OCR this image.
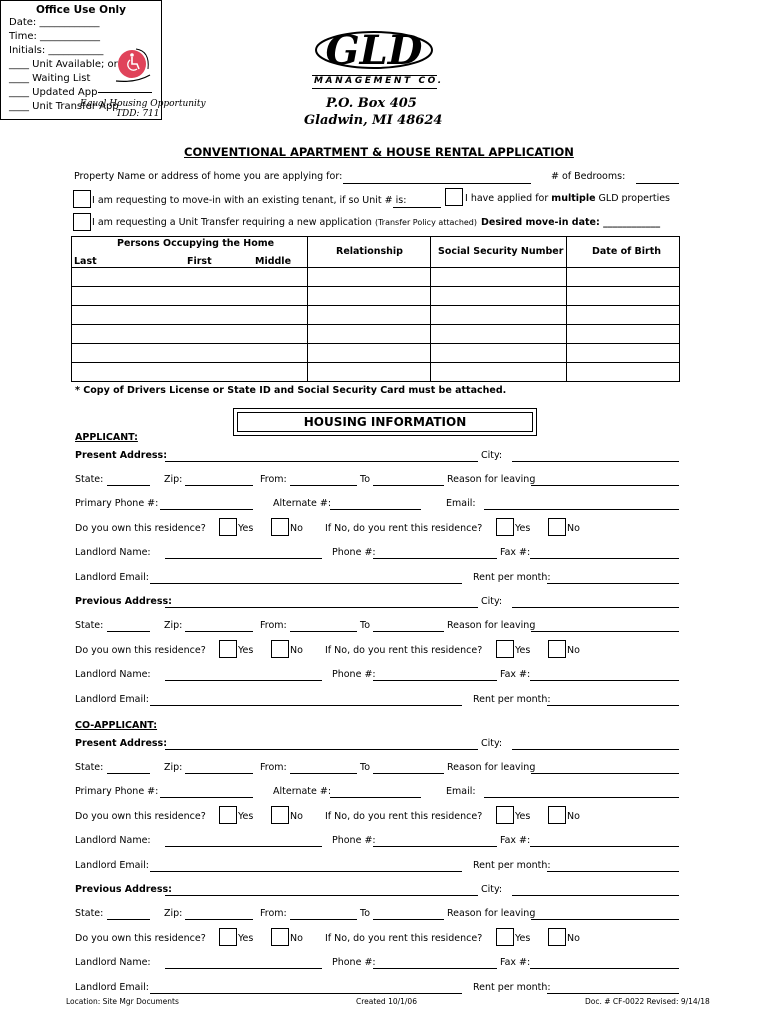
Equal Housing Opportunity
TDD: 711
GLD
MANAGEMENT CO.
P.O. Box 405
Gladwin, MI 48624
Office Use Only
Date: ____________
Time: ____________
Initials: ___________
____ Unit Available; or
____ Waiting List
____ Updated App
____ Unit Transfer App
CONVENTIONAL APARTMENT & HOUSE RENTAL APPLICATION
Property Name or address of home you are applying for:	# of Bedrooms:
I am requesting to move-in with an existing tenant, if so Unit # is:	I have applied for multiple GLD properties
I am requesting a Unit Transfer requiring a new application (Transfer Policy attached) Desired move-in date: ____________

Persons Occupying the Home
Last	First	Middle
Relationship	Social Security Number	Date of Birth
* Copy of Drivers License or State ID and Social Security Card must be attached.
HOUSING INFORMATION
APPLICANT:
Present Address:	City:
State:	Zip:	From:	To	Reason for leaving
Primary Phone #:	Alternate #:	Email:
Do you own this residence?	Yes	No If No, do you rent this residence?	Yes	No
Landlord Name:	Phone #:	Fax #:
Landlord Email:	Rent per month:
Previous Address:	City:
State:	Zip:	From:	To	Reason for leaving
Do you own this residence?	Yes	No If No, do you rent this residence?	Yes	No
Landlord Name:	Phone #:	Fax #:
Landlord Email:	Rent per month:
CO-APPLICANT:
Present Address:	City:
State:	Zip:	From:	To	Reason for leaving
Primary Phone #:	Alternate #:	Email:
Do you own this residence?	Yes	No If No, do you rent this residence?	Yes	No
Landlord Name:	Phone #:	Fax #:
Landlord Email:	Rent per month:
Previous Address:	City:
State:	Zip:	From:	To	Reason for leaving
Do you own this residence?	Yes	No If No, do you rent this residence?	Yes	No
Landlord Name:	Phone #:	Fax #:
Landlord Email:	Rent per month:
Location: Site Mgr Documents	Created 10/1/06	Doc. # CF-0022 Revised: 9/14/18
